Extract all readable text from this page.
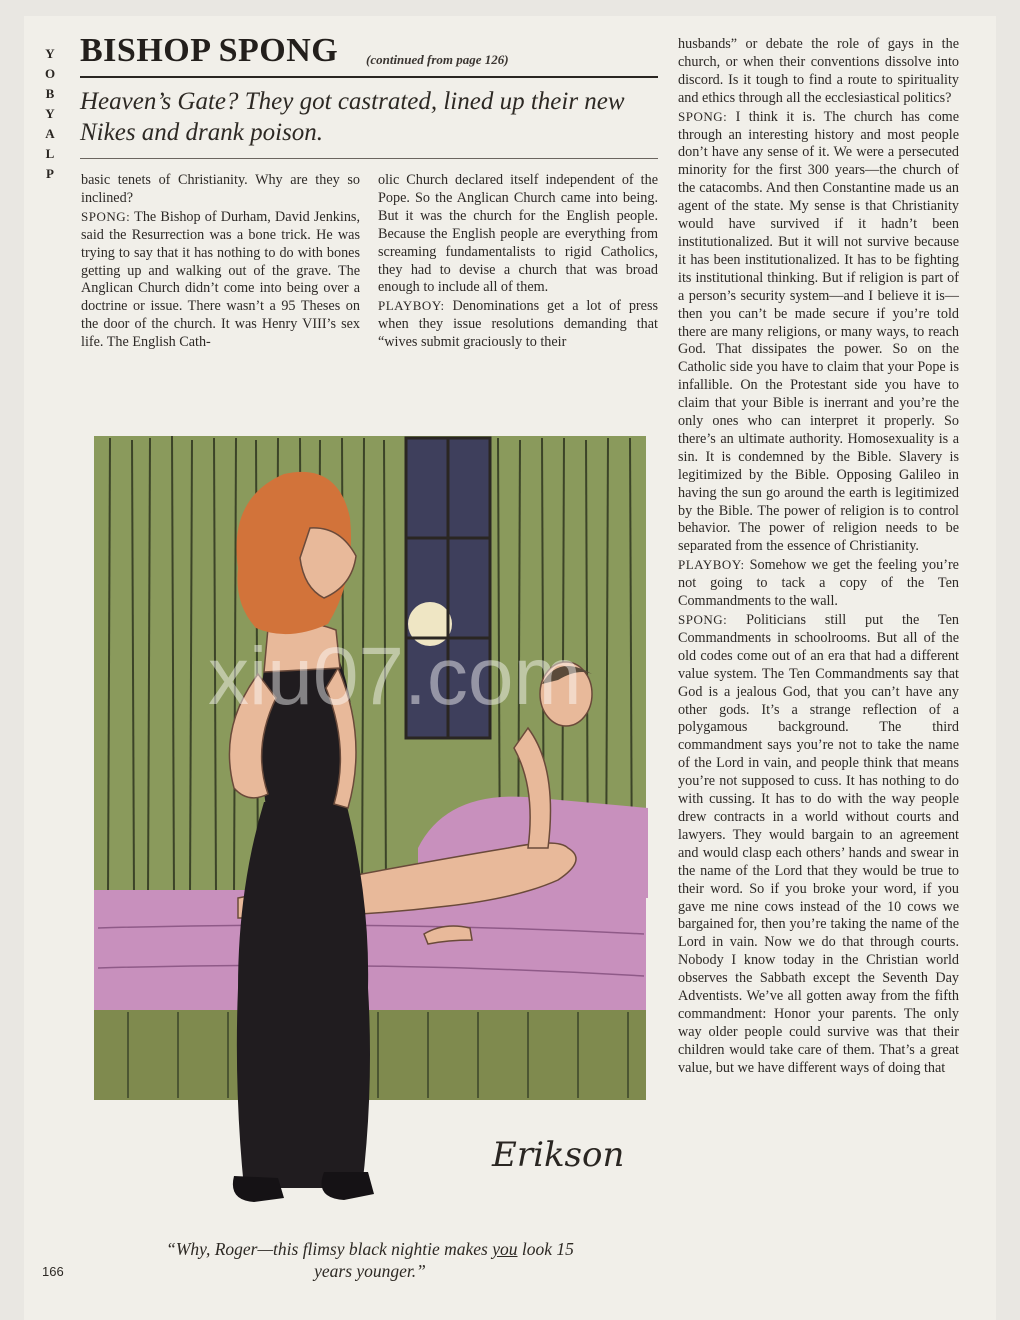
Y
O
B
Y
A
L
P
BISHOP SPONG (continued from page 126)
Heaven’s Gate? They got castrated, lined up their new Nikes and drank poison.

basic tenets of Christianity. Why are they so inclined?

SPONG: The Bishop of Durham, David Jenkins, said the Resurrection was a bone trick. He was trying to say that it has nothing to do with bones getting up and walking out of the grave. The Anglican Church didn’t come into being over a doctrine or issue. There wasn’t a 95 Theses on the door of the church. It was Henry VIII’s sex life. The English Cath-

olic Church declared itself independent of the Pope. So the Anglican Church came into being. But it was the church for the English people. Because the English people are everything from screaming fundamentalists to rigid Catholics, they had to devise a church that was broad enough to include all of them.

PLAYBOY: Denominations get a lot of press when they issue resolutions demanding that “wives submit graciously to their

husbands” or debate the role of gays in the church, or when their conventions dissolve into discord. Is it tough to find a route to spirituality and ethics through all the ecclesiastical politics?

SPONG: I think it is. The church has come through an interesting history and most people don’t have any sense of it. We were a persecuted minority for the first 300 years—the church of the catacombs. And then Constantine made us an agent of the state. My sense is that Christianity would have survived if it hadn’t been institutionalized. But it will not survive because it has been institutionalized. It has to be fighting its institutional thinking. But if religion is part of a person’s security system—and I believe it is—then you can’t be made secure if you’re told there are many religions, or many ways, to reach God. That dissipates the power. So on the Catholic side you have to claim that your Pope is infallible. On the Protestant side you have to claim that your Bible is inerrant and you’re the only ones who can interpret it properly. So there’s an ultimate authority. Homosexuality is a sin. It is condemned by the Bible. Slavery is legitimized by the Bible. Opposing Galileo in having the sun go around the earth is legitimized by the Bible. The power of religion is to control behavior. The power of religion needs to be separated from the essence of Christianity.

PLAYBOY: Somehow we get the feeling you’re not going to tack a copy of the Ten Commandments to the wall.

SPONG: Politicians still put the Ten Commandments in schoolrooms. But all of the old codes come out of an era that had a different value system. The Ten Commandments say that God is a jealous God, that you can’t have any other gods. It’s a strange reflection of a polygamous background. The third commandment says you’re not to take the name of the Lord in vain, and people think that means you’re not supposed to cuss. It has nothing to do with cussing. It has to do with the way people drew contracts in a world without courts and lawyers. They would bargain to an agreement and would clasp each others’ hands and swear in the name of the Lord that they would be true to their word. So if you broke your word, if you gave me nine cows instead of the 10 cows we bargained for, then you’re taking the name of the Lord in vain. Now we do that through courts. Nobody I know today in the Christian world observes the Sabbath except the Seventh Day Adventists. We’ve all gotten away from the fifth commandment: Honor your parents. The only way older people could survive was that their children would take care of them. That’s a great value, but we have different ways of doing that

Erikson
xiu07.com
“Why, Roger—this flimsy black nightie makes you look 15 years younger.”
166
